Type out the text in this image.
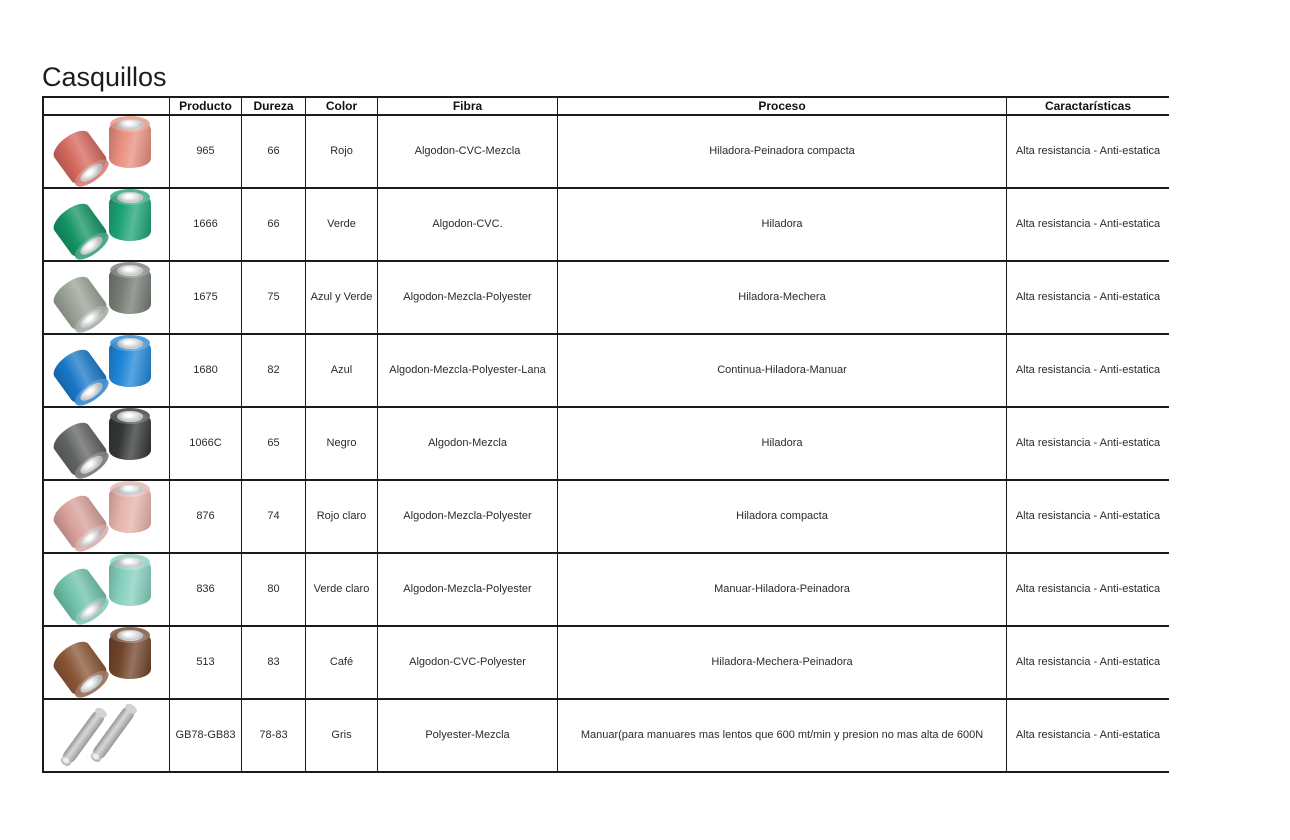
Casquillos
Producto	Dureza	Color	Fibra	Proceso	Caractarísticas
965	66	Rojo	Algodon-CVC-Mezcla	Hiladora-Peinadora compacta	Alta resistancia - Anti-estatica
1666	66	Verde	Algodon-CVC.	Hiladora	Alta resistancia - Anti-estatica
1675	75	Azul y Verde	Algodon-Mezcla-Polyester	Hiladora-Mechera	Alta resistancia - Anti-estatica
1680	82	Azul	Algodon-Mezcla-Polyester-Lana	Continua-Hiladora-Manuar	Alta resistancia - Anti-estatica
1066C	65	Negro	Algodon-Mezcla	Hiladora	Alta resistancia - Anti-estatica
876	74	Rojo claro	Algodon-Mezcla-Polyester	Hiladora compacta	Alta resistancia - Anti-estatica
836	80	Verde claro	Algodon-Mezcla-Polyester	Manuar-Hiladora-Peinadora	Alta resistancia - Anti-estatica
513	83	Café	Algodon-CVC-Polyester	Hiladora-Mechera-Peinadora	Alta resistancia - Anti-estatica
GB78-GB83	78-83	Gris	Polyester-Mezcla	Manuar(para manuares mas lentos que 600 mt/min y presion no mas alta de 600N	Alta resistancia - Anti-estatica
